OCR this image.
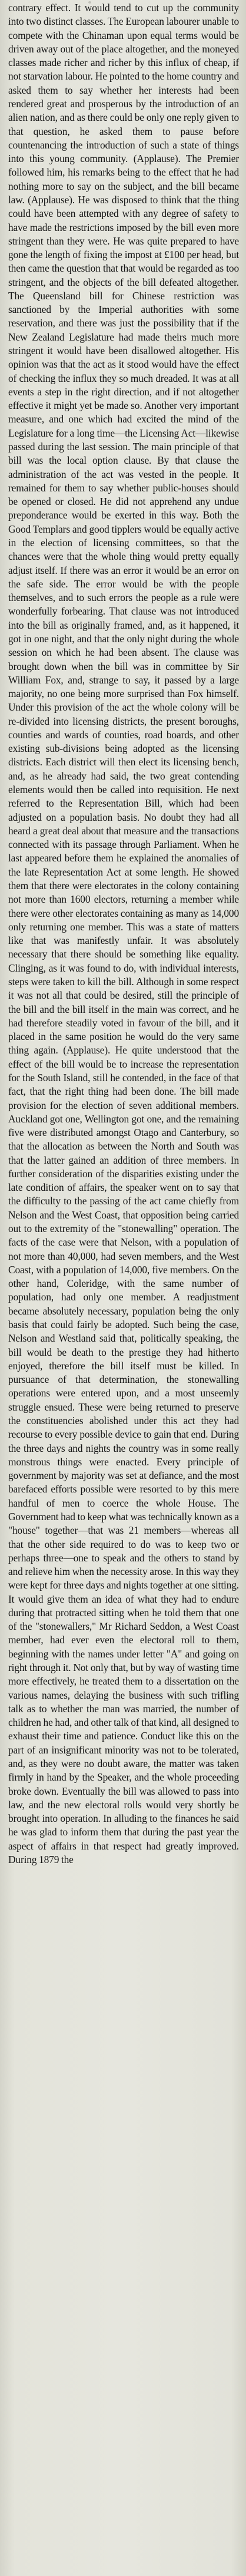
contrary effect. It would tend to cut up the community into two distinct classes. The European labourer unable to compete with the Chinaman upon equal terms would be driven away out of the place altogether, and the moneyed classes made richer and richer by this influx of cheap, if not starvation labour. He pointed to the home country and asked them to say whether her interests had been rendered great and prosperous by the introduction of an alien nation, and as there could be only one reply given to that question, he asked them to pause before countenancing the introduction of such a state of things into this young community. (Applause). The Premier followed him, his remarks being to the effect that he had nothing more to say on the subject, and the bill became law. (Applause). He was disposed to think that the thing could have been attempted with any degree of safety to have made the restrictions imposed by the bill even more stringent than they were. He was quite prepared to have gone the length of fixing the impost at £100 per head, but then came the question that that would be regarded as too stringent, and the objects of the bill defeated altogether. The Queensland bill for Chinese restriction was sanctioned by the Imperial authorities with some reservation, and there was just the possibility that if the New Zealand Legislature had made theirs much more stringent it would have been disallowed altogether. His opinion was that the act as it stood would have the effect of checking the influx they so much dreaded. It was at all events a step in the right direction, and if not altogether effective it might yet be made so. Another very important measure, and one which had excited the mind of the Legislature for a long time—the Licensing Act—likewise passed during the last session. The main principle of that bill was the local option clause. By that clause the administration of the act was vested in the people. It remained for them to say whether public-houses should be opened or closed. He did not apprehend any undue preponderance would be exerted in this way. Both the Good Templars and good tipplers would be equally active in the election of licensing committees, so that the chances were that the whole thing would pretty equally adjust itself. If there was an error it would be an error on the safe side. The error would be with the people themselves, and to such errors the people as a rule were wonderfully forbearing. That clause was not introduced into the bill as originally framed, and, as it happened, it got in one night, and that the only night during the whole session on which he had been absent. The clause was brought down when the bill was in committee by Sir William Fox, and, strange to say, it passed by a large majority, no one being more surprised than Fox himself. Under this provision of the act the whole colony will be re-divided into licensing districts, the present boroughs, counties and wards of counties, road boards, and other existing sub-divisions being adopted as the licensing districts. Each district will then elect its licensing bench, and, as he already had said, the two great contending elements would then be called into requisition. He next referred to the Representation Bill, which had been adjusted on a population basis. No doubt they had all heard a great deal about that measure and the transactions connected with its passage through Parliament. When he last appeared before them he explained the anomalies of the late Representation Act at some length. He showed them that there were electorates in the colony containing not more than 1600 electors, returning a member while there were other electorates containing as many as 14,000 only returning one member. This was a state of matters like that was manifestly unfair. It was absolutely necessary that there should be something like equality. Clinging, as it was found to do, with individual interests, steps were taken to kill the bill. Although in some respect it was not all that could be desired, still the principle of the bill and the bill itself in the main was correct, and he had therefore steadily voted in favour of the bill, and it placed in the same position he would do the very same thing again. (Applause). He quite understood that the effect of the bill would be to increase the representation for the South Island, still he contended, in the face of that fact, that the right thing had been done. The bill made provision for the election of seven additional members. Auckland got one, Wellington got one, and the remaining five were distributed amongst Otago and Canterbury, so that the allocation as between the North and South was that the latter gained an addition of three members. In further consideration of the disparities existing under the late condition of affairs, the speaker went on to say that the difficulty to the passing of the act came chiefly from Nelson and the West Coast, that opposition being carried out to the extremity of the "stonewalling" operation. The facts of the case were that Nelson, with a population of not more than 40,000, had seven members, and the West Coast, with a population of 14,000, five members. On the other hand, Coleridge, with the same number of population, had only one member. A readjustment became absolutely necessary, population being the only basis that could fairly be adopted. Such being the case, Nelson and Westland said that, politically speaking, the bill would be death to the prestige they had hitherto enjoyed, therefore the bill itself must be killed. In pursuance of that determination, the stonewalling operations were entered upon, and a most unseemly struggle ensued. These were being returned to preserve the constituencies abolished under this act they had recourse to every possible device to gain that end. During the three days and nights the country was in some really monstrous things were enacted. Every principle of government by majority was set at defiance, and the most barefaced efforts possible were resorted to by this mere handful of men to coerce the whole House. The Government had to keep what was technically known as a "house" together—that was 21 members—whereas all that the other side required to do was to keep two or perhaps three—one to speak and the others to stand by and relieve him when the necessity arose. In this way they were kept for three days and nights together at one sitting. It would give them an idea of what they had to endure during that protracted sitting when he told them that one of the "stonewallers," Mr Richard Seddon, a West Coast member, had ever even the electoral roll to them, beginning with the names under letter "A" and going on right through it. Not only that, but by way of wasting time more effectively, he treated them to a dissertation on the various names, delaying the business with such trifling talk as to whether the man was married, the number of children he had, and other talk of that kind, all designed to exhaust their time and patience. Conduct like this on the part of an insignificant minority was not to be tolerated, and, as they were no doubt aware, the matter was taken firmly in hand by the Speaker, and the whole proceeding broke down. Eventually the bill was allowed to pass into law, and the new electoral rolls would very shortly be brought into operation. In alluding to the finances he said he was glad to inform them that during the past year the aspect of affairs in that respect had greatly improved. During 1879 the
